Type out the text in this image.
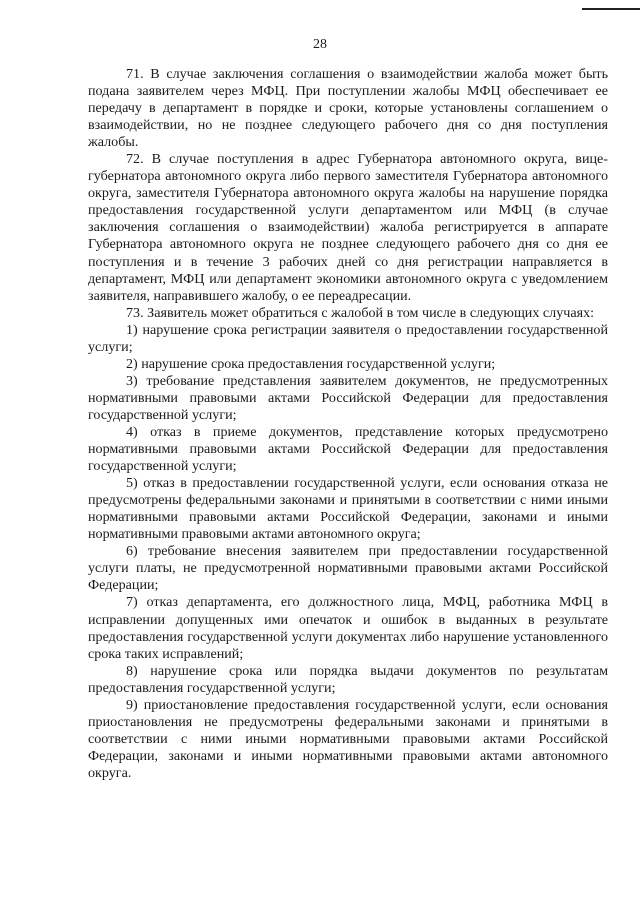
28

71. В случае заключения соглашения о взаимодействии жалоба может быть подана заявителем через МФЦ. При поступлении жалобы МФЦ обеспечивает ее передачу в департамент в порядке и сроки, которые установлены соглашением о взаимодействии, но не позднее следующего рабочего дня со дня поступления жалобы.

72. В случае поступления в адрес Губернатора автономного округа, вице-губернатора автономного округа либо первого заместителя Губернатора автономного округа, заместителя Губернатора автономного округа жалобы на нарушение порядка предоставления государственной услуги департаментом или МФЦ (в случае заключения соглашения о взаимодействии) жалоба регистрируется в аппарате Губернатора автономного округа не позднее следующего рабочего дня со дня ее поступления и в течение 3 рабочих дней со дня регистрации направляется в департамент, МФЦ или департамент экономики автономного округа с уведомлением заявителя, направившего жалобу, о ее переадресации.

73. Заявитель может обратиться с жалобой в том числе в следующих случаях:

1) нарушение срока регистрации заявителя о предоставлении государственной услуги;

2) нарушение срока предоставления государственной услуги;

3) требование представления заявителем документов, не предусмотренных нормативными правовыми актами Российской Федерации для предоставления государственной услуги;

4) отказ в приеме документов, представление которых предусмотрено нормативными правовыми актами Российской Федерации для предоставления государственной услуги;

5) отказ в предоставлении государственной услуги, если основания отказа не предусмотрены федеральными законами и принятыми в соответствии с ними иными нормативными правовыми актами Российской Федерации, законами и иными нормативными правовыми актами автономного округа;

6) требование внесения заявителем при предоставлении государственной услуги платы, не предусмотренной нормативными правовыми актами Российской Федерации;

7) отказ департамента, его должностного лица, МФЦ, работника МФЦ в исправлении допущенных ими опечаток и ошибок в выданных в результате предоставления государственной услуги документах либо нарушение установленного срока таких исправлений;

8) нарушение срока или порядка выдачи документов по результатам предоставления государственной услуги;

9) приостановление предоставления государственной услуги, если основания приостановления не предусмотрены федеральными законами и принятыми в соответствии с ними иными нормативными правовыми актами Российской Федерации, законами и иными нормативными правовыми актами автономного округа.
